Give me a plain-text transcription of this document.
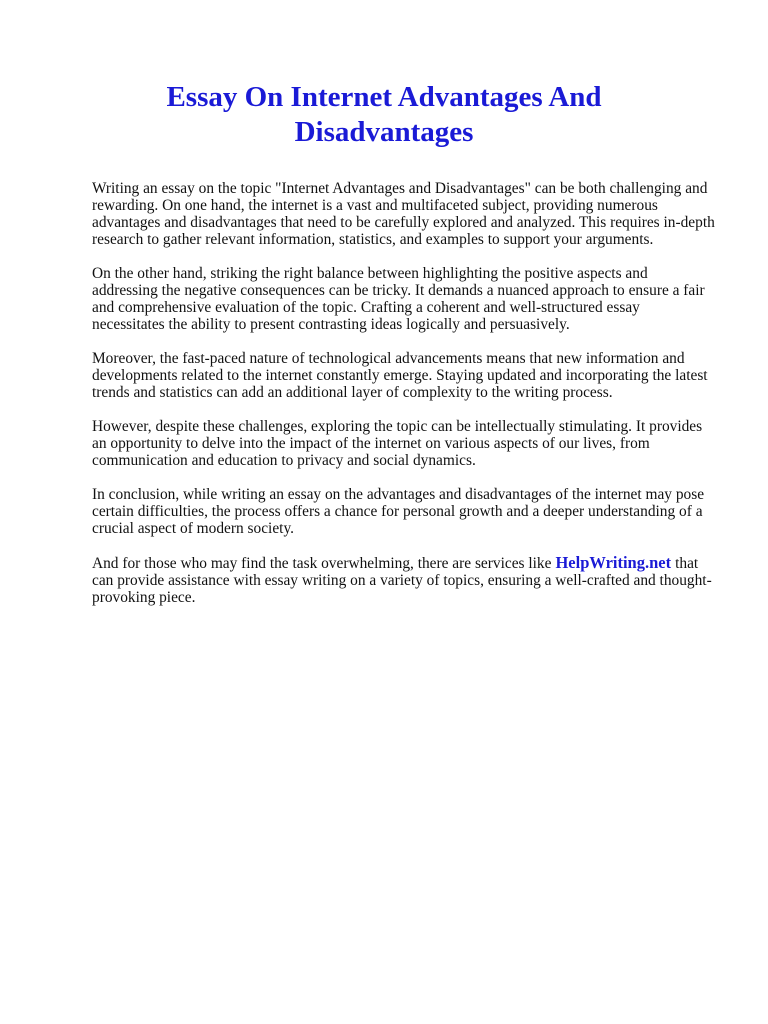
Essay On Internet Advantages And Disadvantages

Writing an essay on the topic "Internet Advantages and Disadvantages" can be both challenging and rewarding. On one hand, the internet is a vast and multifaceted subject, providing numerous advantages and disadvantages that need to be carefully explored and analyzed. This requires in-depth research to gather relevant information, statistics, and examples to support your arguments.

On the other hand, striking the right balance between highlighting the positive aspects and addressing the negative consequences can be tricky. It demands a nuanced approach to ensure a fair and comprehensive evaluation of the topic. Crafting a coherent and well-structured essay necessitates the ability to present contrasting ideas logically and persuasively.

Moreover, the fast-paced nature of technological advancements means that new information and developments related to the internet constantly emerge. Staying updated and incorporating the latest trends and statistics can add an additional layer of complexity to the writing process.

However, despite these challenges, exploring the topic can be intellectually stimulating. It provides an opportunity to delve into the impact of the internet on various aspects of our lives, from communication and education to privacy and social dynamics.

In conclusion, while writing an essay on the advantages and disadvantages of the internet may pose certain difficulties, the process offers a chance for personal growth and a deeper understanding of a crucial aspect of modern society.

And for those who may find the task overwhelming, there are services like HelpWriting.net that can provide assistance with essay writing on a variety of topics, ensuring a well-crafted and thought-provoking piece.
